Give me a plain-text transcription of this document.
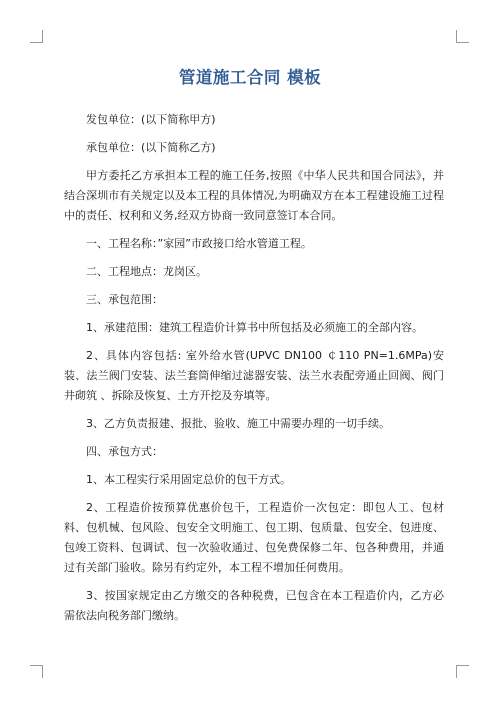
管道施工合同 模板

发包单位：(以下简称甲方)

承包单位：(以下简称乙方)

甲方委托乙方承担本工程的施工任务,按照《中华人民共和国合同法》，并结合深圳市有关规定以及本工程的具体情况,为明确双方在本工程建设施工过程中的责任、权利和义务,经双方协商一致同意签订本合同。

一、工程名称：”家园”市政接口给水管道工程。

二、工程地点：龙岗区。

三、承包范围：

1、承建范围：建筑工程造价计算书中所包括及必须施工的全部内容。

2、具体内容包括: 室外给水管(UPVC DN100 ￠110 PN=1.6MPa)安装、法兰阀门安装、法兰套筒伸缩过滤器安装、法兰水表配旁通止回阀、阀门井砌筑 、拆除及恢复、土方开挖及夯填等。

3、乙方负责报建、报批、验收、施工中需要办理的一切手续。

四、承包方式：

1、本工程实行采用固定总价的包干方式。

2、工程造价按预算优惠价包干，工程造价一次包定：即包人工、包材料、包机械、包风险、包安全文明施工、包工期、包质量、包安全、包进度、包竣工资料、包调试、包一次验收通过、包免费保修二年、包各种费用，并通过有关部门验收。除另有约定外，本工程不增加任何费用。

3、按国家规定由乙方缴交的各种税费，已包含在本工程造价内，乙方必需依法向税务部门缴纳。
